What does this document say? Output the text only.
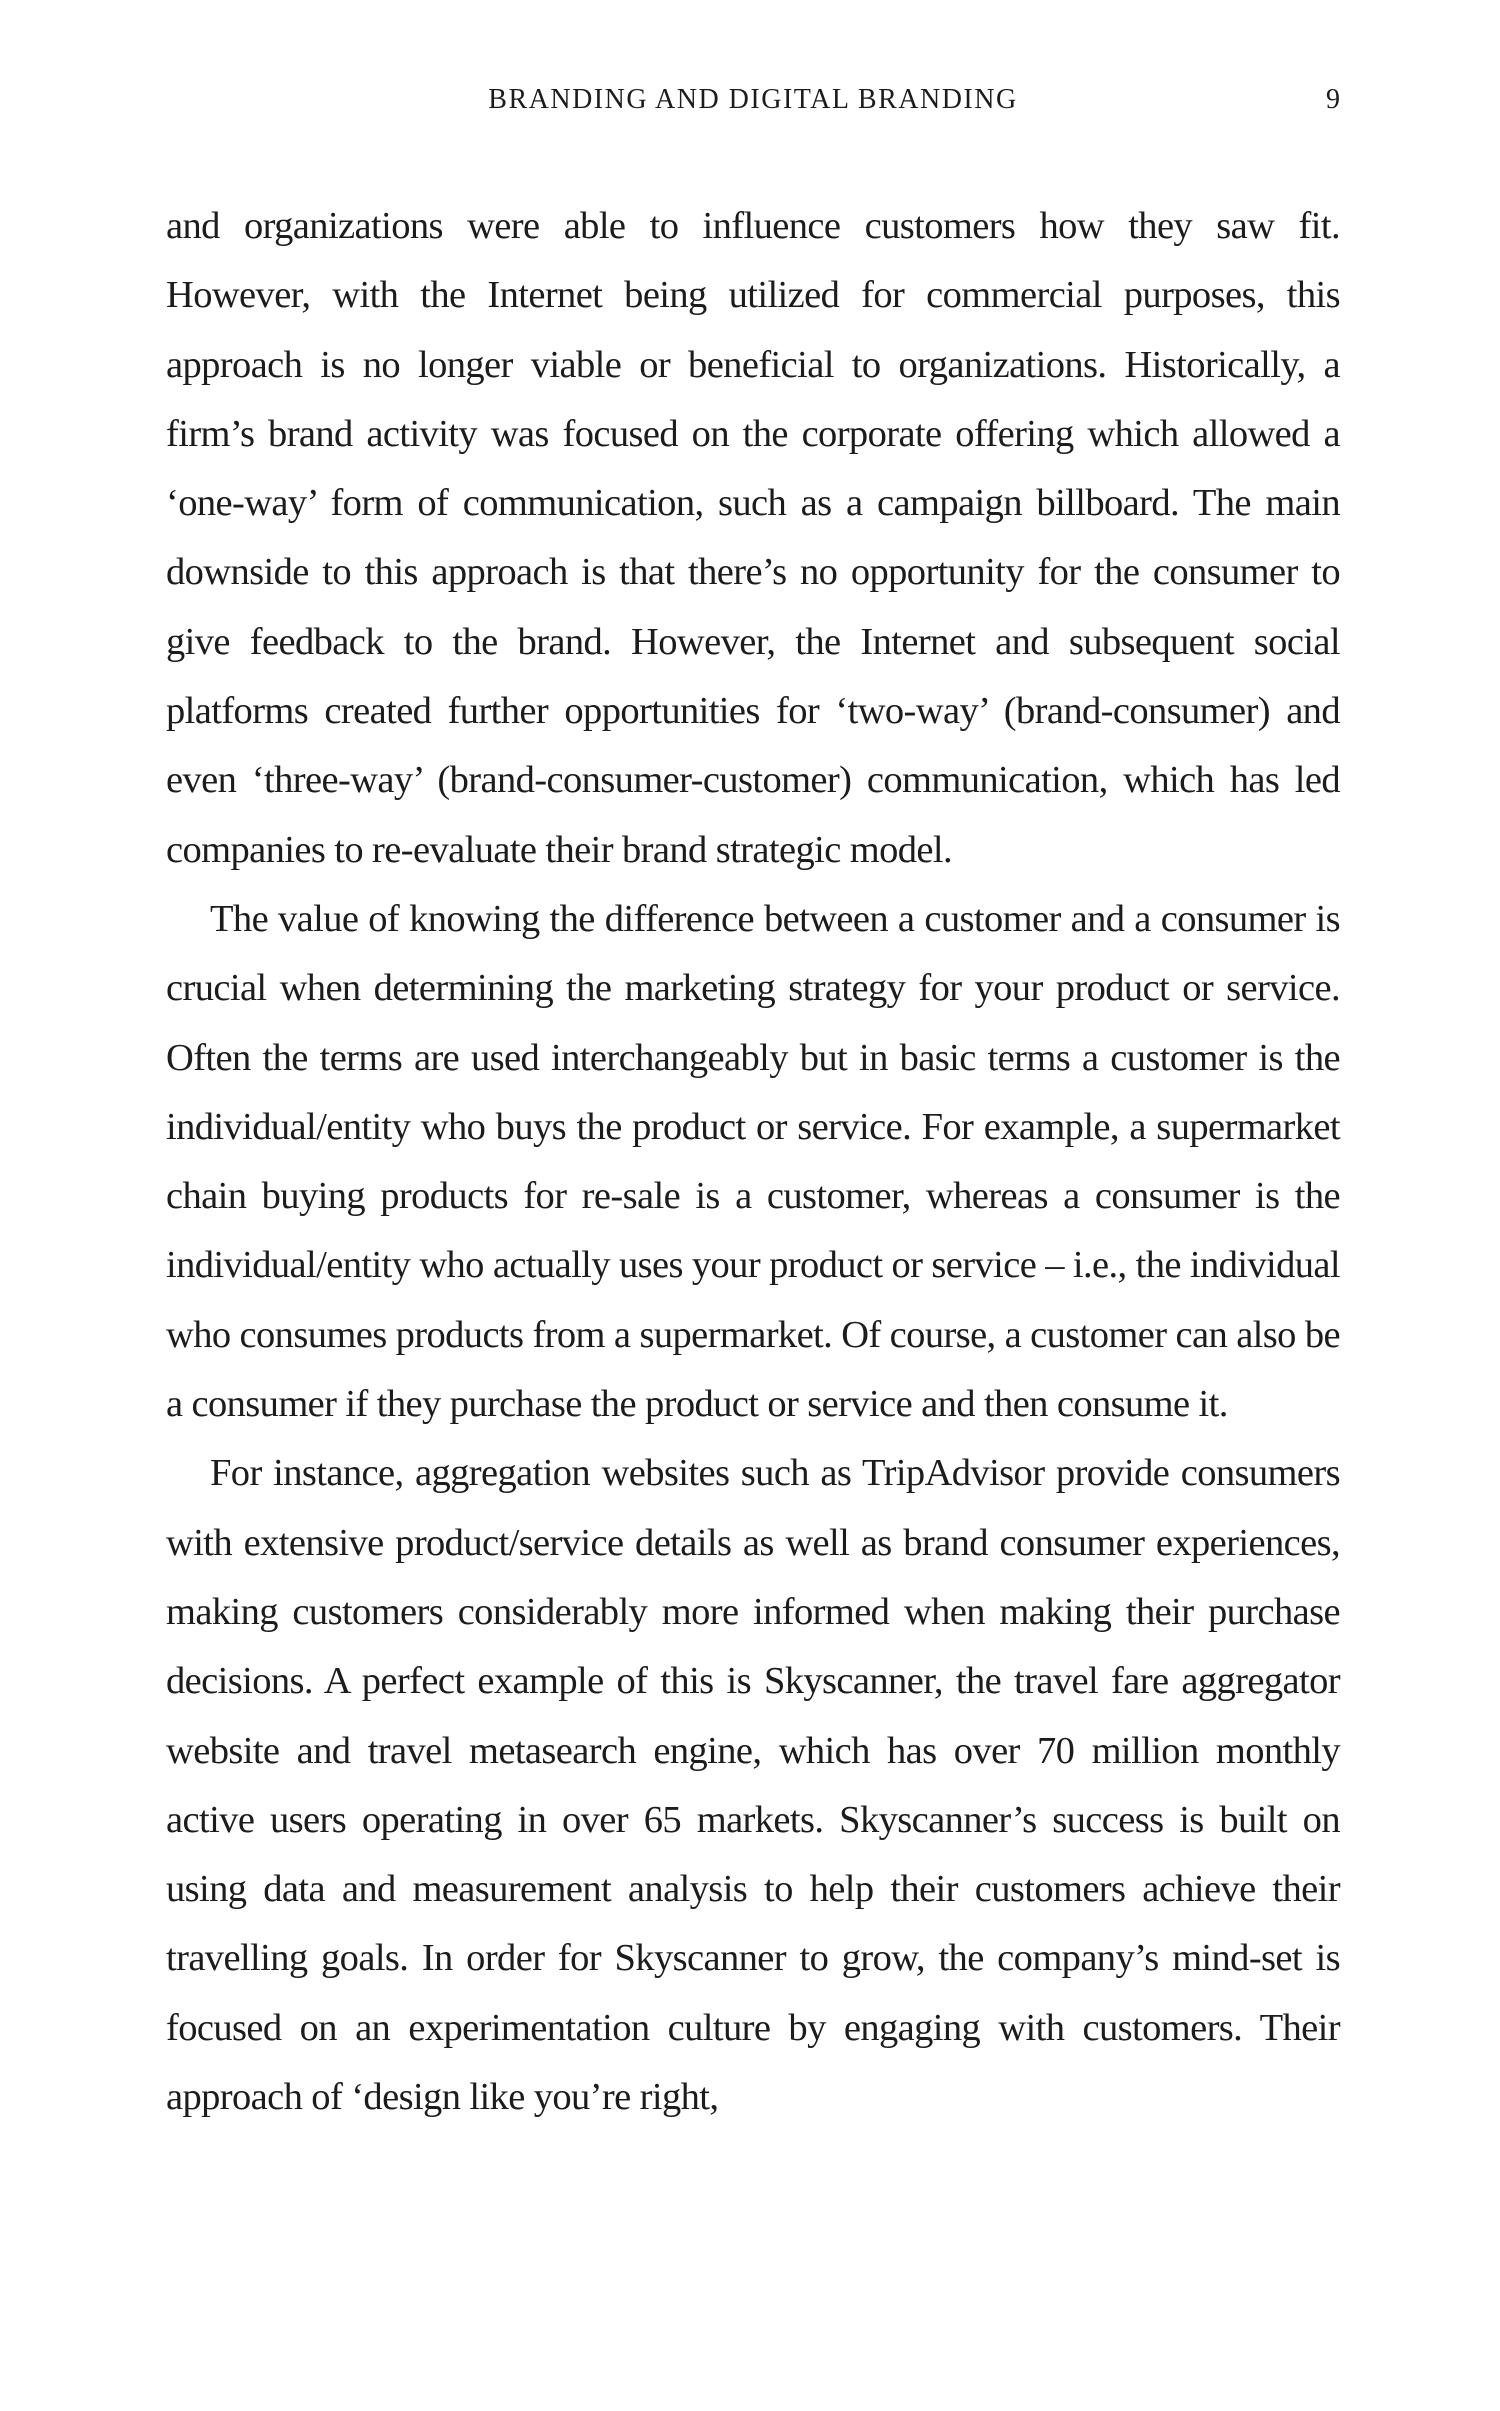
BRANDING AND DIGITAL BRANDING	9

and organizations were able to influence customers how they saw fit. However, with the Internet being utilized for commercial purposes, this approach is no longer viable or beneficial to organizations. Historically, a firm’s brand activity was focused on the corporate offering which allowed a ‘one-way’ form of communication, such as a campaign billboard. The main downside to this approach is that there’s no opportunity for the consumer to give feedback to the brand. However, the Internet and subsequent social platforms created further opportunities for ‘two-way’ (brand-consumer) and even ‘three-way’ (brand-consumer-customer) communication, which has led companies to re-evaluate their brand strategic model.

The value of knowing the difference between a customer and a consumer is crucial when determining the marketing strategy for your product or service. Often the terms are used interchangeably but in basic terms a customer is the individual/entity who buys the product or service. For example, a supermarket chain buying products for re-sale is a customer, whereas a consumer is the individual/entity who actually uses your product or service – i.e., the individual who consumes products from a supermarket. Of course, a customer can also be a consumer if they purchase the product or service and then consume it.

For instance, aggregation websites such as TripAdvisor provide consumers with extensive product/service details as well as brand consumer experiences, making customers considerably more informed when making their purchase decisions. A perfect example of this is Skyscanner, the travel fare aggregator website and travel metasearch engine, which has over 70 million monthly active users operating in over 65 markets. Skyscanner’s success is built on using data and measurement analysis to help their customers achieve their travelling goals. In order for Skyscanner to grow, the company’s mind-set is focused on an experimentation culture by engaging with customers. Their approach of ‘design like you’re right,
